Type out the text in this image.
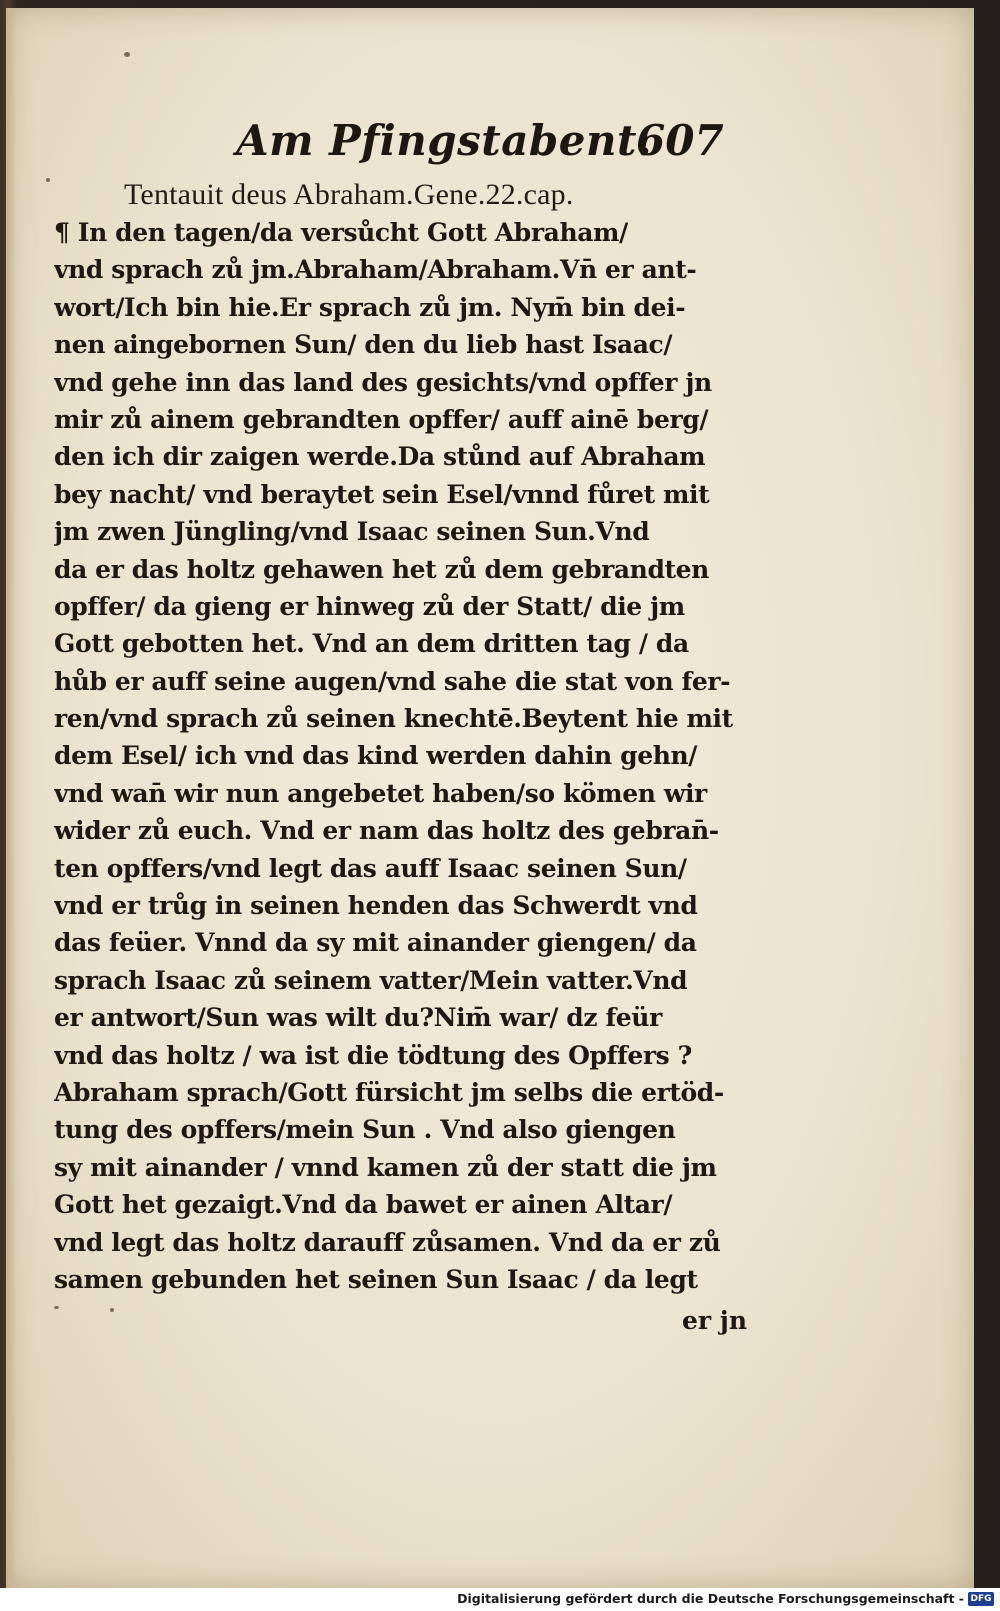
Am Pfingstabent.
607
Tentauit deus Abraham.Gene.22.cap.
¶ In den tagen/da versůcht Gott Abraham/
vnd sprach zů jm.Abraham/Abraham.Vn̄ er ant-
wort/Ich bin hie.Er sprach zů jm. Nym̄ bin dei-
nen aingebornen Sun/ den du lieb hast Isaac/
vnd gehe inn das land des gesichts/vnd opffer jn
mir zů ainem gebrandten opffer/ auff ainē berg/
den ich dir zaigen werde.Da stůnd auf Abraham
bey nacht/ vnd beraytet sein Esel/vnnd fůret mit
jm zwen Jüngling/vnd Isaac seinen Sun.Vnd
da er das holtz gehawen het zů dem gebrandten
opffer/ da gieng er hinweg zů der Statt/ die jm
Gott gebotten het. Vnd an dem dritten tag / da
hůb er auff seine augen/vnd sahe die stat von fer-
ren/vnd sprach zů seinen knechtē.Beytent hie mit
dem Esel/ ich vnd das kind werden dahin gehn/
vnd wan̄ wir nun angebetet haben/so kömen wir
wider zů euch. Vnd er nam das holtz des gebran̄-
ten opffers/vnd legt das auff Isaac seinen Sun/
vnd er trůg in seinen henden das Schwerdt vnd
das feüer. Vnnd da sy mit ainander giengen/ da
sprach Isaac zů seinem vatter/Mein vatter.Vnd
er antwort/Sun was wilt du?Nim̄ war/ dz feür
vnd das holtz / wa ist die tödtung des Opffers ?
Abraham sprach/Gott fürsicht jm selbs die ertöd-
tung des opffers/mein Sun . Vnd also giengen
sy mit ainander / vnnd kamen zů der statt die jm
Gott het gezaigt.Vnd da bawet er ainen Altar/
vnd legt das holtz darauff zůsamen. Vnd da er zů
samen gebunden het seinen Sun Isaac / da legt
er jn
Digitalisierung gefördert durch die Deutsche Forschungsgemeinschaft - DFG
